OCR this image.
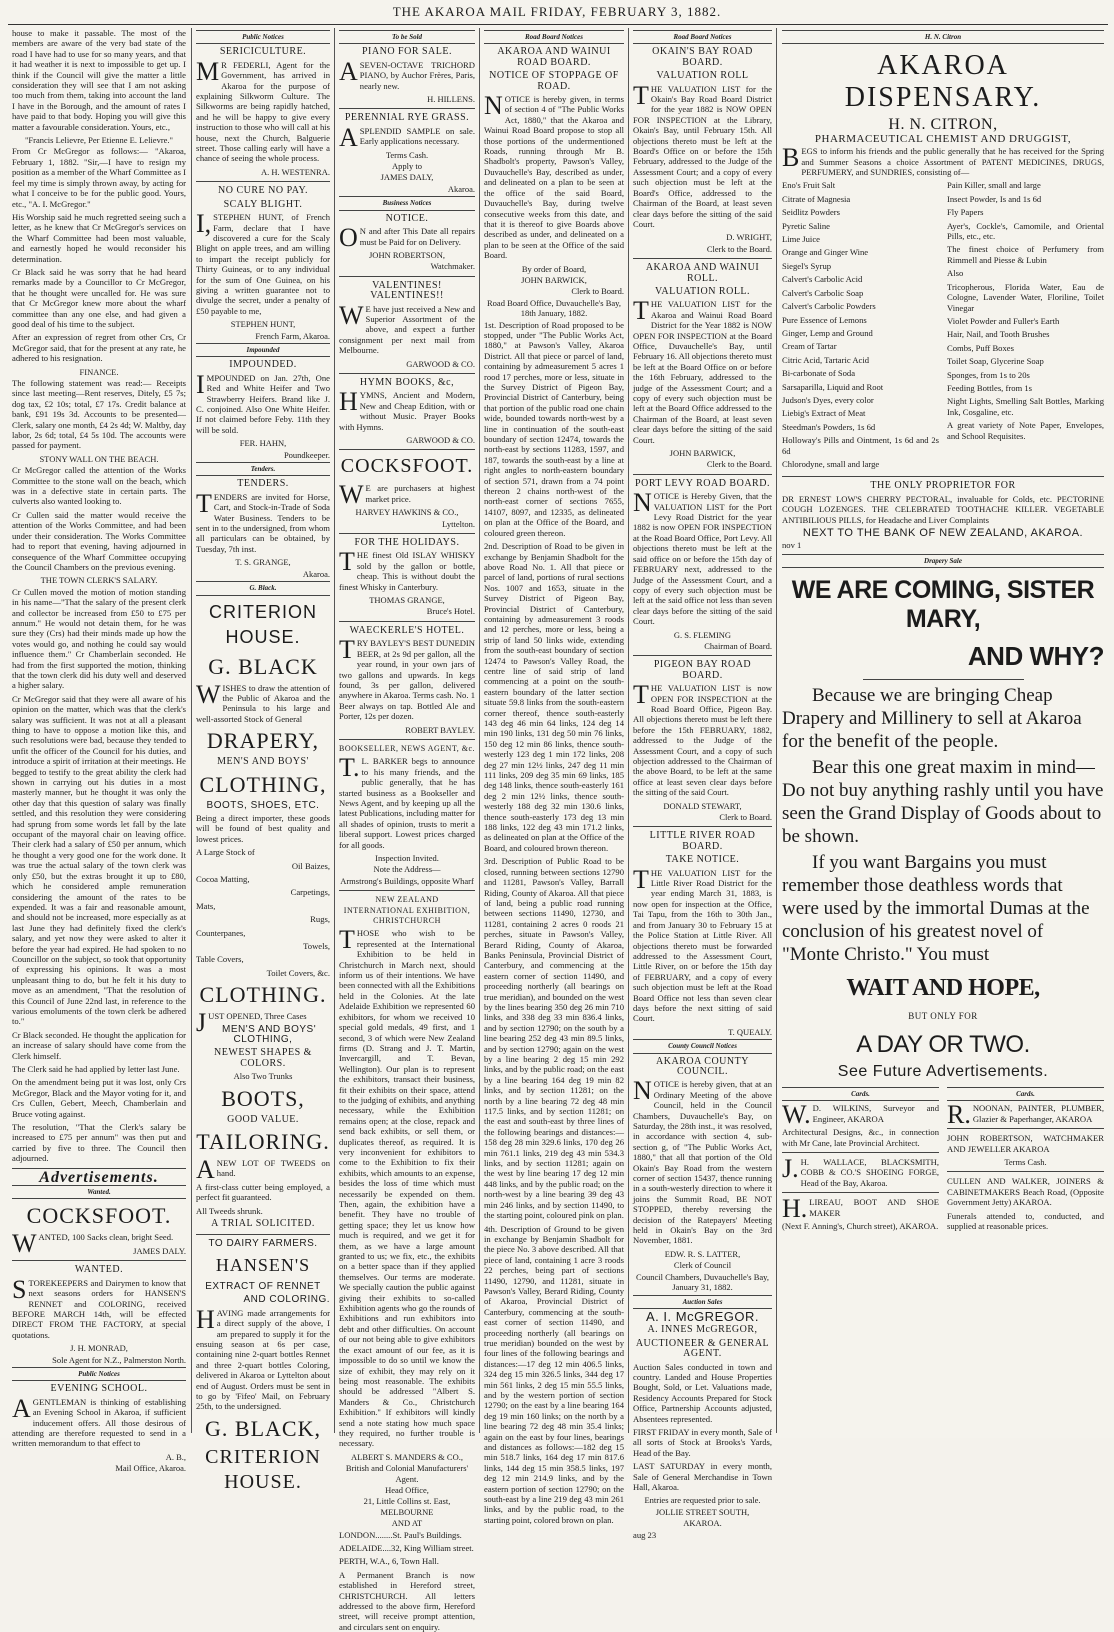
THE AKAROA MAIL FRIDAY, FEBRUARY 3, 1882.

house to make it passable. The most of the members are aware of the very bad state of the road I have had to use for so many years, and that it had weather it is next to impossible to get up. I think if the Council will give the matter a little consideration they will see that I am not asking too much from them, taking into account the land I have in the Borough, and the amount of rates I have paid to that body. Hoping you will give this matter a favourable consideration. Yours, etc.,

"Francis Lelievre, Per Etienne E. Lelievre."

From Cr McGregor as follows:— "Akaroa, February 1, 1882. "Sir,—I have to resign my position as a member of the Wharf Committee as I feel my time is simply thrown away, by acting for what I conceive to be for the public good. Yours, etc., "A. I. McGregor."

His Worship said he much regretted seeing such a letter, as he knew that Cr McGregor's services on the Wharf Committee had been most valuable, and earnestly hoped he would reconsider his determination.

Cr Black said he was sorry that he had heard remarks made by a Councillor to Cr McGregor, that he thought were uncalled for. He was sure that Cr McGregor knew more about the wharf committee than any one else, and had given a good deal of his time to the subject.

After an expression of regret from other Crs, Cr McGregor said, that for the present at any rate, he adhered to his resignation.

FINANCE.

The following statement was read:— Receipts since last meeting—Rent reserves, Ditely, £5 7s; dog tax, £2 10s; total, £7 17s. Credit balance at bank, £91 19s 3d. Accounts to be presented—Clerk, salary one month, £4 2s 4d; W. Maltby, day labor, 2s 6d; total, £4 5s 10d. The accounts were passed for payment.

STONY WALL ON THE BEACH.

Cr McGregor called the attention of the Works Committee to the stone wall on the beach, which was in a defective state in certain parts. The culverts also wanted looking to.

Cr Cullen said the matter would receive the attention of the Works Committee, and had been under their consideration. The Works Committee had to report that evening, having adjourned in consequence of the Wharf Committee occupying the Council Chambers on the previous evening.

THE TOWN CLERK'S SALARY.

Cr Cullen moved the motion of motion standing in his name—"That the salary of the present clerk and collector be increased from £50 to £75 per annum." He would not detain them, for he was sure they (Crs) had their minds made up how the votes would go, and nothing he could say would influence them." Cr Chamberlain seconded. He had from the first supported the motion, thinking that the town clerk did his duty well and deserved a higher salary.

Cr McGregor said that they were all aware of his opinion on the matter, which was that the clerk's salary was sufficient. It was not at all a pleasant thing to have to oppose a motion like this, and such resolutions were bad, because they tended to unfit the officer of the Council for his duties, and introduce a spirit of irritation at their meetings. He begged to testify to the great ability the clerk had shown in carrying out his duties in a most masterly manner, but he thought it was only the other day that this question of salary was finally settled, and this resolution they were considering had sprung from some words let fall by the late occupant of the mayoral chair on leaving office. Their clerk had a salary of £50 per annum, which he thought a very good one for the work done. It was true the actual salary of the town clerk was only £50, but the extras brought it up to £80, which he considered ample remuneration considering the amount of the rates to be expended. It was a fair and reasonable amount, and should not be increased, more especially as at last June they had definitely fixed the clerk's salary, and yet now they were asked to alter it before the year had expired. He had spoken to no Councillor on the subject, so took that opportunity of expressing his opinions. It was a most unpleasant thing to do, but he felt it his duty to move as an amendment, "That the resolution of this Council of June 22nd last, in reference to the various emoluments of the town clerk be adhered to."

Cr Black seconded. He thought the application for an increase of salary should have come from the Clerk himself.

The Clerk said he had applied by letter last June.

On the amendment being put it was lost, only Crs McGregor, Black and the Mayor voting for it, and Crs Cullen, Gebert, Meech, Chamberlain and Bruce voting against.

The resolution, "That the Clerk's salary be increased to £75 per annum" was then put and carried by five to three. The Council then adjourned.

Advertisements.
Wanted.
COCKSFOOT.

WANTED, 100 Sacks clean, bright Seed.

JAMES DALY.
WANTED.

STOREKEEPERS and Dairymen to know that next seasons orders for HANSEN'S RENNET and COLORING, received BEFORE MARCH 14th, will be effected DIRECT FROM THE FACTORY, at special quotations.

J. H. MONRAD,
Sole Agent for N.Z., Palmerston North.
Public Notices
EVENING SCHOOL.

AGENTLEMAN is thinking of establishing an Evening School in Akaroa, if sufficient inducement offers. All those desirous of attending are therefore requested to send in a written memorandum to that effect to

A. B.,
Mail Office, Akaroa.
Public Notices
SERICICULTURE.

MR FEDERLI, Agent for the Government, has arrived in Akaroa for the purpose of explaining Silkworm Culture. The Silkworms are being rapidly hatched, and he will be happy to give every instruction to those who will call at his house, next the Church, Balguerie street. Those calling early will have a chance of seeing the whole process.

A. H. WESTENRA.
NO CURE NO PAY.
SCALY BLIGHT.

I,STEPHEN HUNT, of French Farm, declare that I have discovered a cure for the Scaly Blight on apple trees, and am willing to impart the receipt publicly for Thirty Guineas, or to any individual for the sum of One Guinea, on his giving a written guarantee not to divulge the secret, under a penalty of £50 payable to me,

STEPHEN HUNT,
French Farm, Akaroa.
Impounded
IMPOUNDED.

IMPOUNDED on Jan. 27th, One Red and White Heifer and Two Strawberry Heifers. Brand like J. C. conjoined. Also One White Heifer. If not claimed before Feby. 11th they will be sold.

FER. HAHN,
Poundkeeper.
Tenders.
TENDERS.

TENDERS are invited for Horse, Cart, and Stock-in-Trade of Soda Water Business. Tenders to be sent in to the undersigned, from whom all particulars can be obtained, by Tuesday, 7th inst.

T. S. GRANGE,
Akaroa.
G. Black.
CRITERION HOUSE.
G. BLACK

WISHES to draw the attention of the Public of Akaroa and the Peninsula to his large and well-assorted Stock of General

DRAPERY,
MEN'S AND BOYS'
CLOTHING,
BOOTS, SHOES, ETC.

Being a direct importer, these goods will be found of best quality and lowest prices.

A Large Stock of
Oil Baizes,
Cocoa Matting,
Carpetings,
Mats,
Rugs,
Counterpanes,
Towels,
Table Covers,
Toilet Covers, &c.
CLOTHING.

JUST OPENED, Three Cases

MEN'S AND BOYS' CLOTHING,
NEWEST SHAPES & COLORS.
Also Two Trunks
BOOTS,
GOOD VALUE.
TAILORING.

ANEW LOT OF TWEEDS on hand.

A first-class cutter being employed, a perfect fit guaranteed.

All Tweeds shrunk.

A TRIAL SOLICITED.
TO DAIRY FARMERS.
HANSEN'S
EXTRACT OF RENNET
AND COLORING.

HAVING made arrangements for a direct supply of the above, I am prepared to supply it for the ensuing season at 6s per case, containing nine 2-quart bottles Rennet and three 2-quart bottles Coloring, delivered in Akaroa or Lyttelton about end of August. Orders must be sent in to go by 'Fifeo' Mail, on February 25th, to the undersigned.

G. BLACK,
CRITERION HOUSE.
To be Sold
PIANO FOR SALE.

ASEVEN-OCTAVE TRICHORD PIANO, by Auchor Frères, Paris, nearly new.

H. HILLENS.
PERENNIAL RYE GRASS.

ASPLENDID SAMPLE on sale. Early applications necessary.

Terms Cash.
Apply to
JAMES DALY,
Akaroa.
Business Notices
NOTICE.

ON and after This Date all repairs must be Paid for on Delivery.

JOHN ROBERTSON,
Watchmaker.
VALENTINES! VALENTINES!!

WE have just received a New and Superior Assortment of the above, and expect a further consignment per next mail from Melbourne.

GARWOOD & CO.
HYMN BOOKS, &c,

HYMNS, Ancient and Modern, New and Cheap Edition, with or without Music. Prayer Books with Hymns.

GARWOOD & CO.
COCKSFOOT.

WE are purchasers at highest market price.

HARVEY HAWKINS & CO.,
Lyttelton.
FOR THE HOLIDAYS.

THE finest Old ISLAY WHISKY sold by the gallon or bottle, cheap. This is without doubt the finest Whisky in Canterbury.

THOMAS GRANGE,
Bruce's Hotel.
WAECKERLE'S HOTEL.

TRY BAYLEY'S BEST DUNEDIN BEER, at 2s 9d per gallon, all the year round, in your own jars of two gallons and upwards. In kegs found, 3s per gallon, delivered anywhere in Akaroa. Terms cash. No. 1 Beer always on tap. Bottled Ale and Porter, 12s per dozen.

ROBERT BAYLEY.
BOOKSELLER, NEWS AGENT, &c.

T.L. BARKER begs to announce to his many friends, and the public generally, that he has started business as a Bookseller and News Agent, and by keeping up all the latest Publications, including matter for all shades of opinion, trusts to merit a liberal support. Lowest prices charged for all goods.

Inspection Invited.
Note the Address—
Armstrong's Buildings, opposite Wharf
NEW ZEALAND INTERNATIONAL EXHIBITION, CHRISTCHURCH

THOSE who wish to be represented at the International Exhibition to be held in Christchurch in March next, should inform us of their intentions. We have been connected with all the Exhibitions held in the Colonies. At the late Adelaide Exhibition we represented 60 exhibitors, for whom we received 10 special gold medals, 49 first, and 1 second, 3 of which were New Zealand firms (D. Strang and J. T. Martin, Invercargill, and T. Bevan, Wellington). Our plan is to represent the exhibitors, transact their business, fit their exhibits on their space, attend to the judging of exhibits, and anything necessary, while the Exhibition remains open; at the close, repack and send back exhibits, or sell them, or duplicates thereof, as required. It is very inconvenient for exhibitors to come to the Exhibition to fix their exhibits, which amounts to an expense, besides the loss of time which must necessarily be expended on them. Then, again, the exhibition have a benefit. They have no trouble of getting space; they let us know how much is required, and we get it for them, as we have a large amount granted to us; we fix, etc., the exhibits on a better space than if they applied themselves. Our terms are moderate. We specially caution the public against giving their exhibits to so-called Exhibition agents who go the rounds of Exhibitions and run exhibitors into debt and other difficulties. On account of our not being able to give exhibitors the exact amount of our fee, as it is impossible to do so until we know the size of exhibit, they may rely on it being most reasonable. The exhibits should be addressed "Albert S. Manders & Co., Christchurch Exhibition." If exhibitors will kindly send a note stating how much space they required, no further trouble is necessary.

ALBERT S. MANDERS & CO.,
British and Colonial Manufacturers' Agent.
Head Office,
21, Little Collins st. East, MELBOURNE
AND AT
LONDON........St. Paul's Buildings.
ADELAIDE....32, King William street.
PERTH, W.A., 6, Town Hall.

A Permanent Branch is now established in Hereford street, CHRISTCHURCH. All letters addressed to the above firm, Hereford street, will receive prompt attention, and circulars sent on enquiry.

Road Board Notices
AKAROA AND WAINUI ROAD BOARD.
NOTICE OF STOPPAGE OF ROAD.

NOTICE is hereby given, in terms of section 4 of "The Public Works Act, 1880," that the Akaroa and Wainui Road Board propose to stop all those portions of the undermentioned Roads, running through Mr B. Shadbolt's property, Pawson's Valley, Duvauchelle's Bay, described as under, and delineated on a plan to be seen at the office of the said Board, Duvauchelle's Bay, during twelve consecutive weeks from this date, and that it is thereof to give Boards above described as under, and delineated on a plan to be seen at the Office of the said Board.

By order of Board,
JOHN BARWICK,
Clerk to Board.
Road Board Office, Duvauchelle's Bay, 18th January, 1882.

1st. Description of Road proposed to be stopped, under "The Public Works Act, 1880," at Pawson's Valley, Akaroa District. All that piece or parcel of land, containing by admeasurement 5 acres 1 rood 17 perches, more or less, situate in the Survey District of Pigeon Bay, Provincial District of Canterbury, being that portion of the public road one chain wide, bounded towards north-west by a line in continuation of the south-east boundary of section 12474, towards the north-east by sections 11283, 1597, and 187, towards the south-east by a line at right angles to north-eastern boundary of section 571, drawn from a 74 point thereon 2 chains north-west of the north-east corner of sections 7655, 14107, 8097, and 12335, as delineated on plan at the Office of the Board, and coloured green thereon.

2nd. Description of Road to be given in exchange by Benjamin Shadbolt for the above Road No. 1. All that piece or parcel of land, portions of rural sections Nos. 1007 and 1653, situate in the Survey District of Pigeon Bay, Provincial District of Canterbury, containing by admeasurement 3 roods and 12 perches, more or less, being a strip of land 50 links wide, extending from the south-east boundary of section 12474 to Pawson's Valley Road, the centre line of said strip of land commencing at a point on the south-eastern boundary of the latter section situate 59.8 links from the south-eastern corner thereof, thence south-easterly 143 deg 46 min 64 links, 124 deg 14 min 190 links, 131 deg 50 min 76 links, 150 deg 12 min 86 links, thence south-westerly 123 deg 1 min 172 links, 208 deg 27 min 12½ links, 247 deg 11 min 111 links, 209 deg 35 min 69 links, 185 deg 148 links, thence south-easterly 161 deg 2 min 12½ links, thence south-westerly 188 deg 32 min 130.6 links, thence south-easterly 173 deg 13 min 188 links, 122 deg 43 min 171.2 links, as delineated on plan at the Office of the Board, and coloured brown thereon.

3rd. Description of Public Road to be closed, running between sections 12790 and 11281, Pawson's Valley, Barrall Riding, County of Akaroa. All that piece of land, being a public road running between sections 11490, 12730, and 11281, containing 2 acres 0 roods 21 perches, situate in Pawson's Valley, Berard Riding, County of Akaroa, Banks Peninsula, Provincial District of Canterbury, and commencing at the eastern corner of section 11490, and proceeding northerly (all bearings on true meridian), and bounded on the west by the lines bearing 350 deg 26 min 710 links, and 338 deg 33 min 836.4 links, and by section 12790; on the south by a line bearing 252 deg 43 min 89.5 links, and by section 12790; again on the west by a line bearing 2 deg 15 min 292 links, and by the public road; on the east by a line bearing 164 deg 19 min 82 links, and by section 11281; on the north by a line bearing 72 deg 48 min 117.5 links, and by section 11281; on the east and south-east by three lines of the following bearings and distances:—158 deg 28 min 329.6 links, 170 deg 26 min 761.1 links, 219 deg 43 min 534.3 links, and by section 11281; again on the west by line bearing 17 deg 12 min 448 links, and by the public road; on the north-west by a line bearing 39 deg 43 min 246 links, and by section 11490, to the starting point, coloured pink on plan.

4th. Description of Ground to be given in exchange by Benjamin Shadbolt for the piece No. 3 above described. All that piece of land, containing 1 acre 3 roods 22 perches, being part of sections 11490, 12790, and 11281, situate in Pawson's Valley, Berard Riding, County of Akaroa, Provincial District of Canterbury, commencing at the south-east corner of section 11490, and proceeding northerly (all bearings on true meridian) bounded on the west by four lines of the following bearings and distances:—17 deg 12 min 406.5 links, 324 deg 15 min 326.5 links, 344 deg 17 min 561 links, 2 deg 15 min 55.5 links, and by the western portion of section 12790; on the east by a line bearing 164 deg 19 min 160 links; on the north by a line bearing 72 deg 48 min 35.4 links; again on the east by four lines, bearings and distances as follows:—182 deg 15 min 518.7 links, 164 deg 17 min 817.6 links, 144 deg 15 min 358.5 links, 197 deg 12 min 214.9 links, and by the eastern portion of section 12790; on the south-east by a line 219 deg 43 min 261 links, and by the public road, to the starting point, colored brown on plan.

Road Board Notices
OKAIN'S BAY ROAD BOARD.
VALUATION ROLL

THE VALUATION LIST for the Okain's Bay Road Board District for the year 1882 is NOW OPEN FOR INSPECTION at the Library, Okain's Bay, until February 15th. All objections thereto must be left at the Board's Office on or before the 15th February, addressed to the Judge of the Assessment Court; and a copy of every such objection must be left at the Board's Office, addressed to the Chairman of the Board, at least seven clear days before the sitting of the said Court.

D. WRIGHT,
Clerk to the Board.
AKAROA AND WAINUI ROLL.
VALUATION ROLL.

THE VALUATION LIST for the Akaroa and Wainui Road Board District for the Year 1882 is NOW OPEN FOR INSPECTION at the Board Office, Duvauchelle's Bay, until February 16. All objections thereto must be left at the Board Office on or before the 16th February, addressed to the judge of the Assessment Court; and a copy of every such objection must be left at the Board Office addressed to the Chairman of the Board, at least seven clear days before the sitting of the said Court.

JOHN BARWICK,
Clerk to the Board.
PORT LEVY ROAD BOARD.

NOTICE is Hereby Given, that the VALUATION LIST for the Port Levy Road District for the year 1882 is now OPEN FOR INSPECTION at the Road Board Office, Port Levy. All objections thereto must be left at the said office on or before the 15th day of FEBRUARY next, addressed to the Judge of the Assessment Court, and a copy of every such objection must be left at the said office not less than seven clear days before the sitting of the said Court.

G. S. FLEMING
Chairman of Board.
PIGEON BAY ROAD BOARD.

THE VALUATION LIST is now OPEN FOR INSPECTION at the Road Board Office, Pigeon Bay. All objections thereto must be left there before the 15th FEBRUARY, 1882, addressed to the Judge of the Assessment Court, and a copy of such objection addressed to the Chairman of the above Board, to be left at the same office at least seven clear days before the sitting of the said Court.

DONALD STEWART,
Clerk to Board.
LITTLE RIVER ROAD BOARD.
TAKE NOTICE.

THE VALUATION LIST for the Little River Road District for the year ending March 31, 1883, is now open for inspection at the Office, Tai Tapu, from the 16th to 30th Jan., and from January 30 to February 15 at the Police Station at Little River. All objections thereto must be forwarded addressed to the Assessment Court, Little River, on or before the 15th day of FEBRUARY, and a copy of every such objection must be left at the Road Board Office not less than seven clear days before the next sitting of said Court.

T. QUEALY.
County Council Notices
AKAROA COUNTY COUNCIL.

NOTICE is hereby given, that at an Ordinary Meeting of the above Council, held in the Council Chambers, Duvauchelle's Bay, on Saturday, the 28th inst., it was resolved, in accordance with section 4, sub-section g, of "The Public Works Act, 1880," that all that portion of the Old Okain's Bay Road from the western corner of section 15437, thence running in a south-westerly direction to where it joins the Summit Road, BE NOT STOPPED, thereby reversing the decision of the Ratepayers' Meeting held in Okain's Bay on the 3rd November, 1881.

EDW. R. S. LATTER,
Clerk of Council
Council Chambers, Duvauchelle's Bay, January 31, 1882.
Auction Sales
A. I. McGREGOR.
A. INNES McGREGOR,
AUCTIONEER & GENERAL AGENT.

Auction Sales conducted in town and country. Landed and House Properties Bought, Sold, or Let. Valuations made, Residency Accounts Prepared for Stock Office, Partnership Accounts adjusted, Absentees represented.

FIRST FRIDAY in every month, Sale of all sorts of Stock at Brooks's Yards, Head of the Bay.

LAST SATURDAY in every month, Sale of General Merchandise in Town Hall, Akaroa.

Entries are requested prior to sale.
JOLLIE STREET SOUTH,
AKAROA.
aug 23
H. N. Citron
AKAROA DISPENSARY.
H. N. CITRON,
PHARMACEUTICAL CHEMIST AND DRUGGIST,

BEGS to inform his friends and the public generally that he has received for the Spring and Summer Seasons a choice Assortment of PATENT MEDICINES, DRUGS, PERFUMERY, and SUNDRIES, consisting of—

Eno's Fruit Salt
Citrate of Magnesia
Seidlitz Powders
Pyretic Saline
Lime Juice
Orange and Ginger Wine
Siegel's Syrup
Calvert's Carbolic Acid
Calvert's Carbolic Soap
Calvert's Carbolic Powders
Pure Essence of Lemons
Ginger, Lemp and Ground
Cream of Tartar
Citric Acid, Tartaric Acid
Bi-carbonate of Soda
Sarsaparilla, Liquid and Root
Judson's Dyes, every color
Liebig's Extract of Meat
Steedman's Powders, 1s 6d
Holloway's Pills and Ointment, 1s 6d and 2s 6d
Chlorodyne, small and large
Pain Killer, small and large
Insect Powder, Is and 1s 6d
Fly Papers
Ayer's, Cockle's, Camomile, and Oriental Pills, etc., etc.
The finest choice of Perfumery from Rimmell and Piesse & Lubin
Also
Tricopherous, Florida Water, Eau de Cologne, Lavender Water, Floriline, Toilet Vinegar
Violet Powder and Fuller's Earth
Hair, Nail, and Tooth Brushes
Combs, Puff Boxes
Toilet Soap, Glycerine Soap
Sponges, from 1s to 20s
Feeding Bottles, from 1s
Night Lights, Smelling Salt Bottles, Marking Ink, Cosgaline, etc.
A great variety of Note Paper, Envelopes, and School Requisites.
THE ONLY PROPRIETOR FOR

DR ERNEST LOW'S CHERRY PECTORAL, invaluable for Colds, etc. PECTORINE COUGH LOZENGES. THE CELEBRATED TOOTHACHE KILLER. VEGETABLE ANTIBILIOUS PILLS, for Headache and Liver Complaints

NEXT TO THE BANK OF NEW ZEALAND, AKAROA.
nov 1
Drapery Sale
WE ARE COMING, SISTER MARY,
AND WHY?

Because we are bringing Cheap Drapery and Millinery to sell at Akaroa for the benefit of the people.

Bear this one great maxim in mind—Do not buy anything rashly until you have seen the Grand Display of Goods about to be shown.

If you want Bargains you must remember those deathless words that were used by the immortal Dumas at the conclusion of his greatest novel of "Monte Christo." You must

WAIT AND HOPE,
BUT ONLY FOR
A DAY OR TWO.
See Future Advertisements.
Cards.

W.D. WILKINS, Surveyor and Engineer, AKAROA

Architectural Designs, &c., in connection with Mr Cane, late Provincial Architect.

J.H. WALLACE, BLACKSMITH, COBB & CO.'S SHOEING FORGE, Head of the Bay, Akaroa.

H.LIREAU, BOOT AND SHOE MAKER

(Next F. Anning's, Church street), AKAROA.

Cards.

R.NOONAN, PAINTER, PLUMBER, Glazier & Paperhanger, AKAROA

JOHN ROBERTSON, WATCHMAKER AND JEWELLER AKAROA

Terms Cash.

CULLEN AND WALKER, JOINERS & CABINETMAKERS Beach Road, (Opposite Government Jetty) AKAROA.

Funerals attended to, conducted, and supplied at reasonable prices.
